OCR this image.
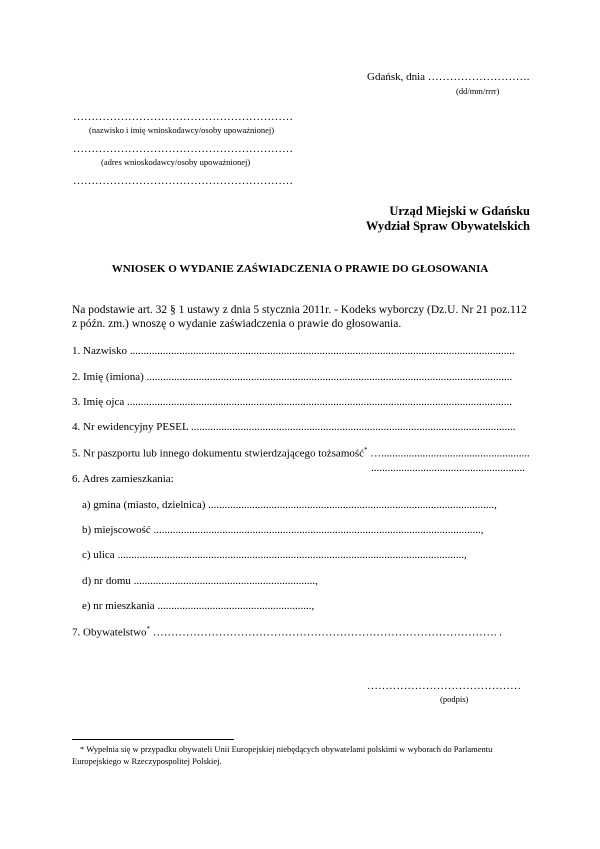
Gdańsk, dnia ……………………….
(dd/mm/rrrr)
……………………………………………………
(nazwisko i imię wnioskodawcy/osoby upoważnionej)
……………………………………………………
(adres wnioskodawcy/osoby upoważnionej)
……………………………………………………
Urząd Miejski w Gdańsku
Wydział Spraw Obywatelskich
WNIOSEK O WYDANIE ZAŚWIADCZENIA O PRAWIE DO GŁOSOWANIA
Na podstawie art. 32 § 1 ustawy z dnia 5 stycznia 2011r. - Kodeks wyborczy (Dz.U. Nr 21 poz.112
z późn. zm.) wnoszę o wydanie zaświadczenia o prawie do głosowania.
1. Nazwisko ............................................................................................................................................
2. Imię (imiona) .....................................................................................................................................
3. Imię ojca ............................................................................................................................................
4. Nr ewidencyjny PESEL ......................................................................................................................
5. Nr paszportu lub innego dokumentu stwierdzającego tożsamość* …......................................................
........................................................
6. Adres zamieszkania:
a) gmina (miasto, dzielnica) ........................................................................................................,
b) miejscowość .......................................................................................................................,
c) ulica ..............................................................................................................................,
d) nr domu ..................................................................,
e) nr mieszkania ........................................................,
7. Obywatelstwo* …………………………………………………………………………………. .
……………………………………
(podpis)
* Wypełnia się w przypadku obywateli Unii Europejskiej niebędących obywatelami polskimi w wyborach do Parlamentu
Europejskiego w Rzeczypospolitej Polskiej.
